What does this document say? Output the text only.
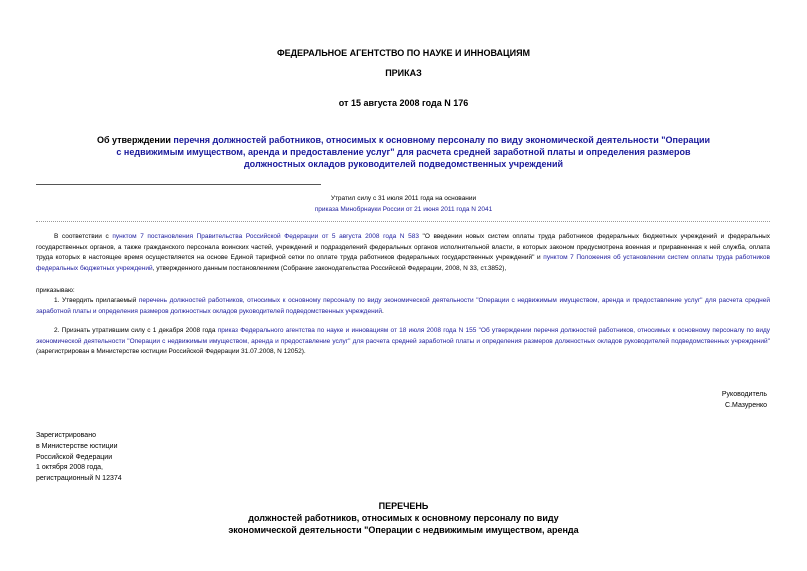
ФЕДЕРАЛЬНОЕ АГЕНТСТВО ПО НАУКЕ И ИННОВАЦИЯМ
ПРИКАЗ
от 15 августа 2008 года N 176
Об утверждении перечня должностей работников, относимых к основному персоналу по виду экономической деятельности "Операции с недвижимым имуществом, аренда и предоставление услуг" для расчета средней заработной платы и определения размеров должностных окладов руководителей подведомственных учреждений
Утратил силу с 31 июля 2011 года на основании
приказа Минобрнауки России от 21 июня 2011 года N 2041
В соответствии с пунктом 7 постановления Правительства Российской Федерации от 5 августа 2008 года N 583 "О введении новых систем оплаты труда работников федеральных бюджетных учреждений и федеральных государственных органов, а также гражданского персонала воинских частей, учреждений и подразделений федеральных органов исполнительной власти, в которых законом предусмотрена военная и приравненная к ней служба, оплата труда которых в настоящее время осуществляется на основе Единой тарифной сетки по оплате труда работников федеральных государственных учреждений" и пунктом 7 Положения об установлении систем оплаты труда работников федеральных бюджетных учреждений, утвержденного данным постановлением (Собрание законодательства Российской Федерации, 2008, N 33, ст.3852),
приказываю:
1. Утвердить прилагаемый перечень должностей работников, относимых к основному персоналу по виду экономической деятельности "Операции с недвижимым имуществом, аренда и предоставление услуг" для расчета средней заработной платы и определения размеров должностных окладов руководителей подведомственных учреждений.
2. Признать утратившим силу с 1 декабря 2008 года приказ Федерального агентства по науке и инновациям от 18 июля 2008 года N 155 "Об утверждении перечня должностей работников, относимых к основному персоналу по виду экономической деятельности "Операции с недвижимым имуществом, аренда и предоставление услуг" для расчета средней заработной платы и определения размеров должностных окладов руководителей подведомственных учреждений" (зарегистрирован в Министерстве юстиции Российской Федерации 31.07.2008, N 12052).
Руководитель
С.Мазуренко
Зарегистрировано
в Министерстве юстиции
Российской Федерации
1 октября 2008 года,
регистрационный N 12374
ПЕРЕЧЕНЬ
должностей работников, относимых к основному персоналу по виду
экономической деятельности "Операции с недвижимым имуществом, аренда
